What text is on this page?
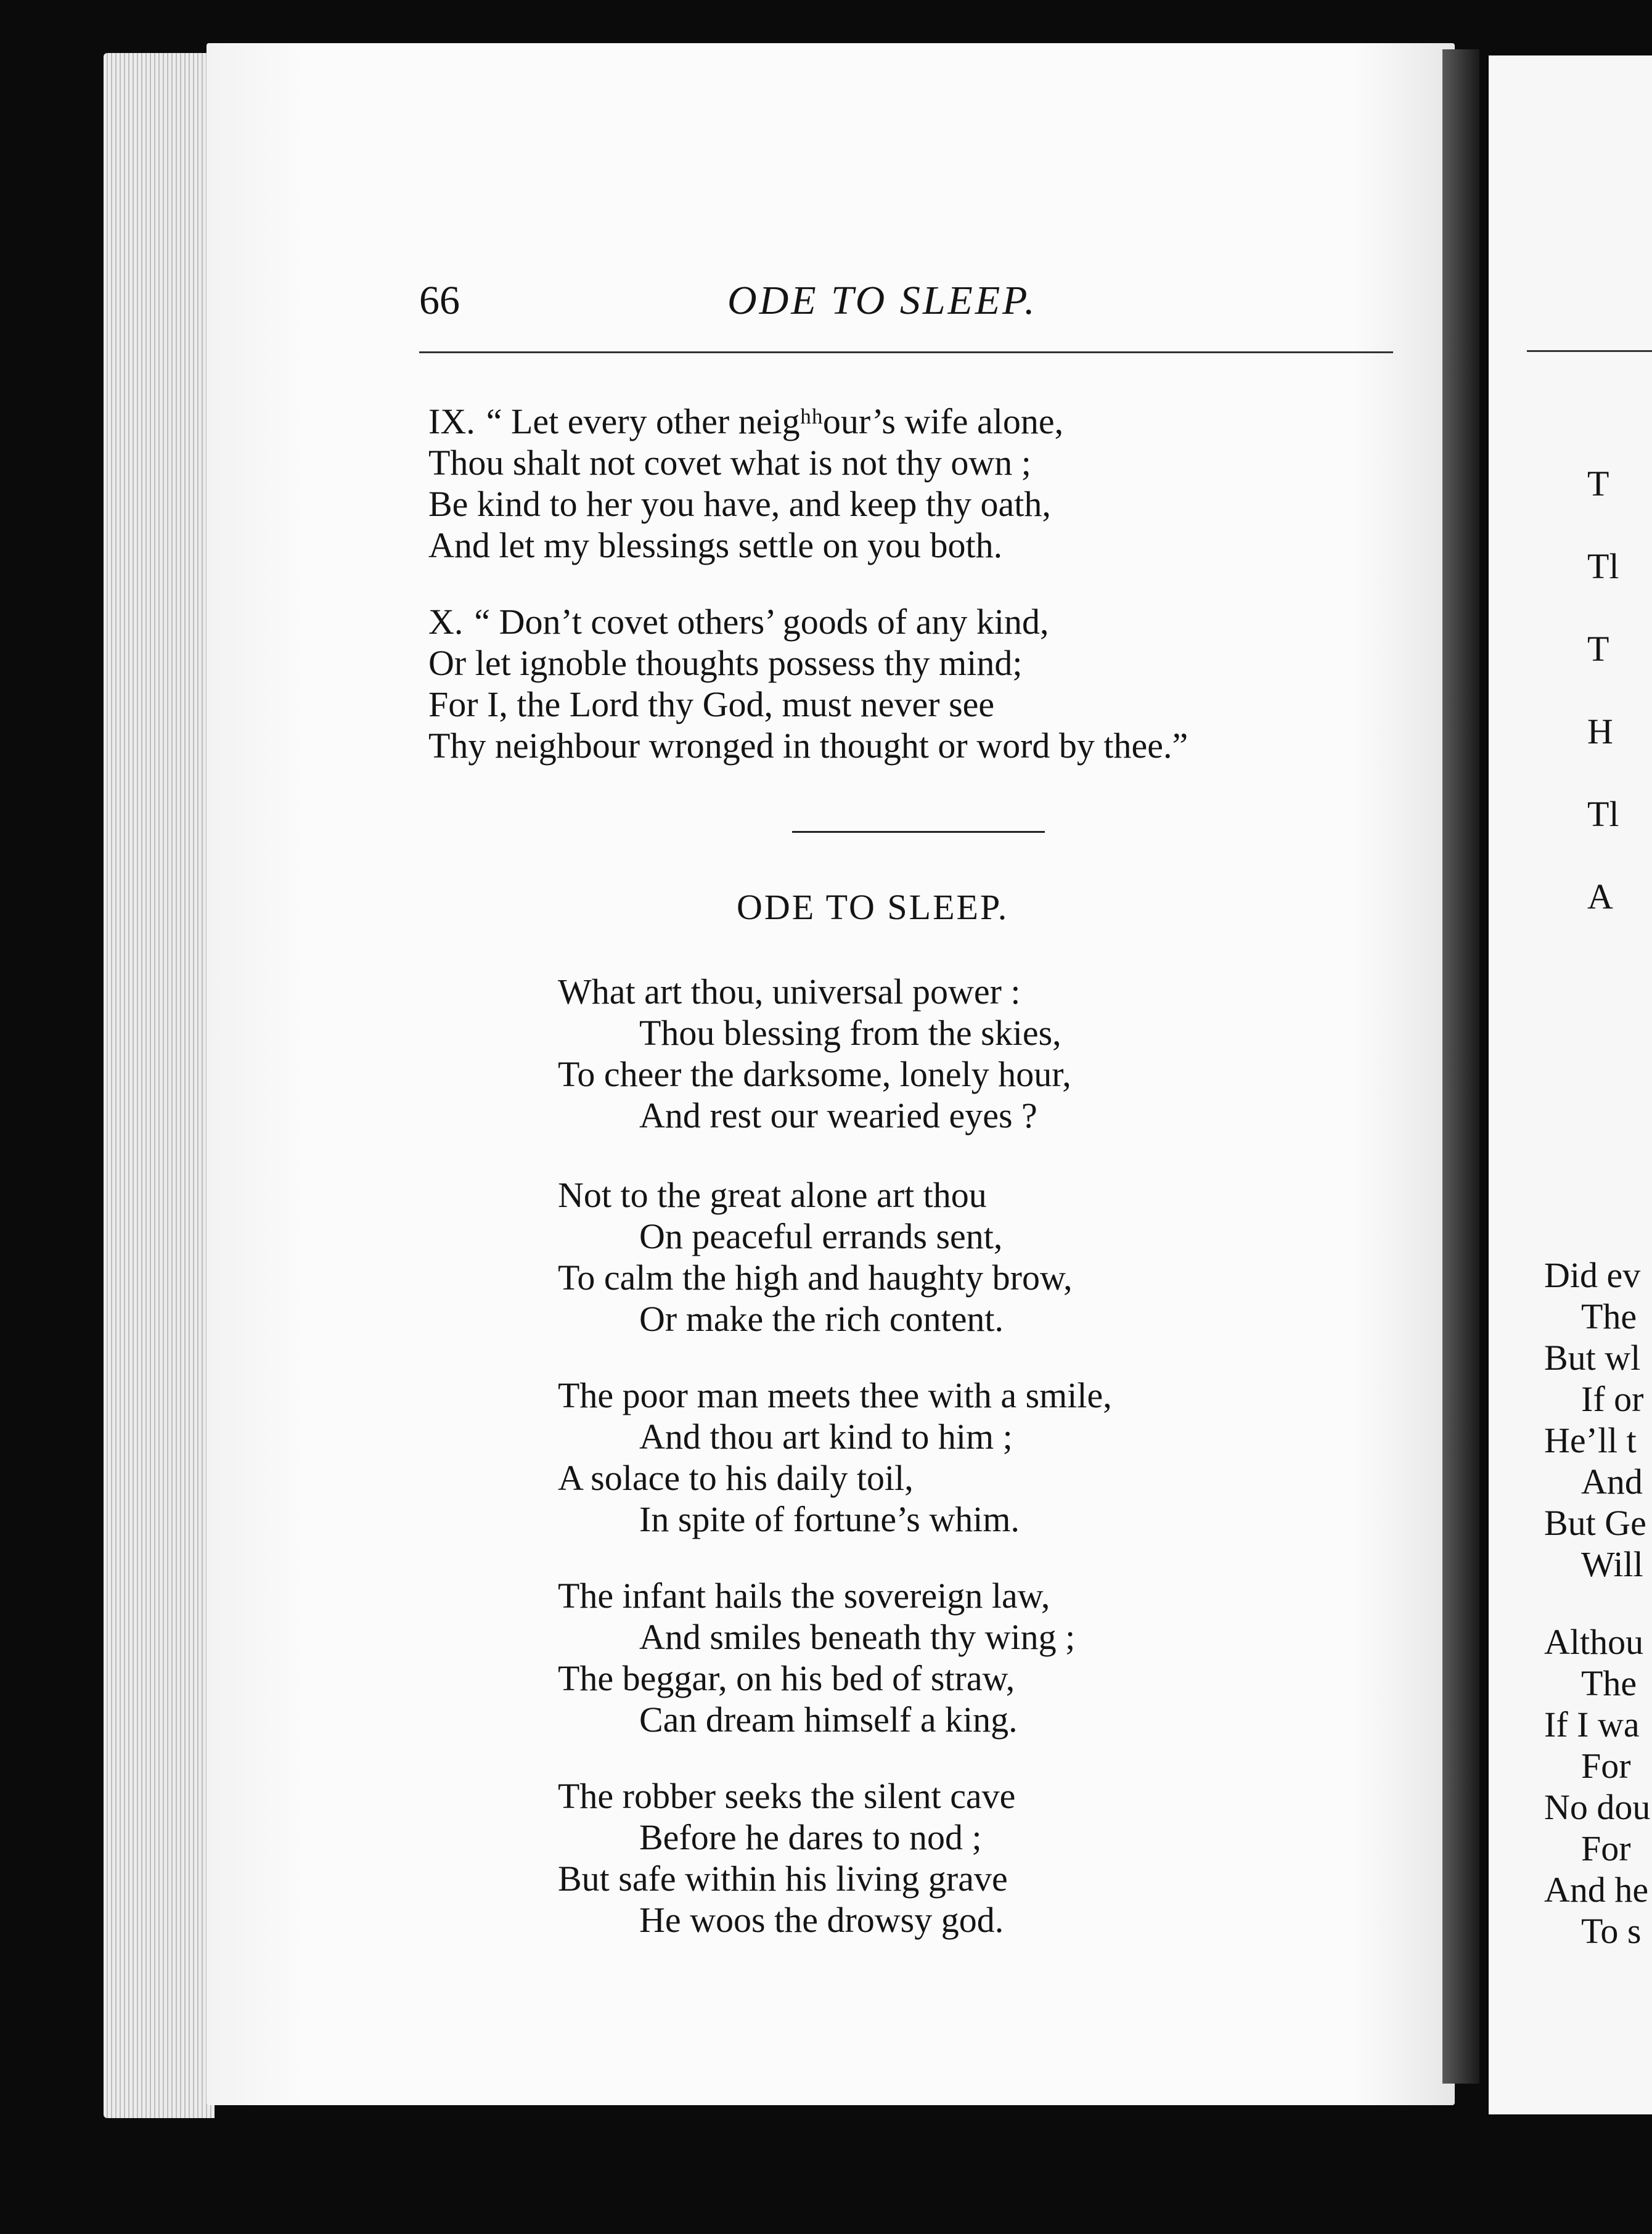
T
Tl
T
H
Tl
A
Did ev
The
But wl
If or
He’ll t
And
But Ge
Will
Althou
The
If I wa
For
No dou
For
And he
To s
66	ODE TO SLEEP.
IX. “ Let every other neigʰʰour’s wife alone,
Thou shalt not covet what is not thy own ;
Be kind to her you have, and keep thy oath,
And let my blessings settle on you both.
X. “ Don’t covet others’ goods of any kind,
Or let ignoble thoughts possess thy mind;
For I, the Lord thy God, must never see
Thy neighbour wronged in thought or word by thee.”
ODE TO SLEEP.
What art thou, universal power :
Thou blessing from the skies,
To cheer the darksome, lonely hour,
And rest our wearied eyes ?
Not to the great alone art thou
On peaceful errands sent,
To calm the high and haughty brow,
Or make the rich content.
The poor man meets thee with a smile,
And thou art kind to him ;
A solace to his daily toil,
In spite of fortune’s whim.
The infant hails the sovereign law,
And smiles beneath thy wing ;
The beggar, on his bed of straw,
Can dream himself a king.
The robber seeks the silent cave
Before he dares to nod ;
But safe within his living grave
He woos the drowsy god.
